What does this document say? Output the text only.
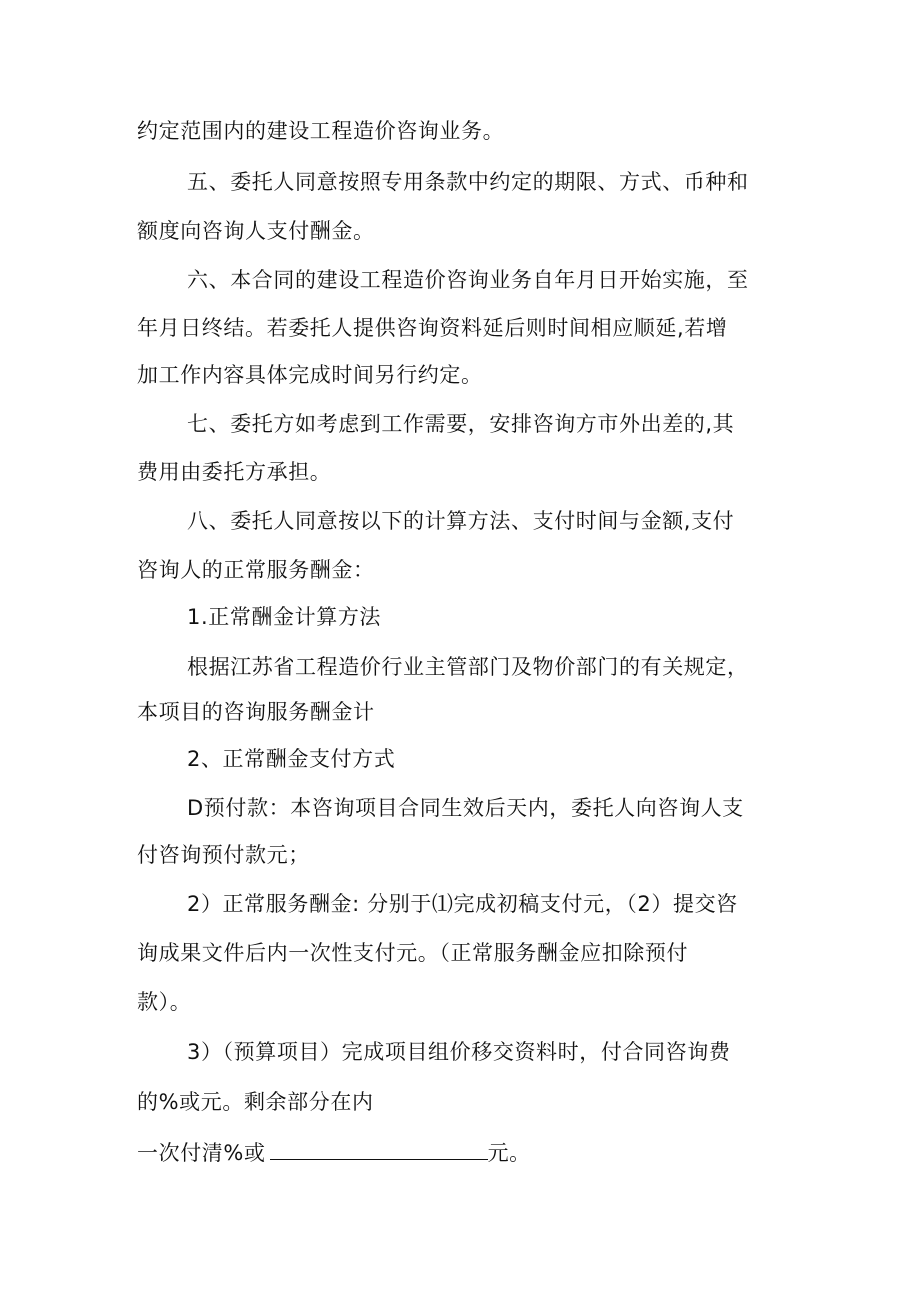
约定范围内的建设工程造价咨询业务。
五、委托人同意按照专用条款中约定的期限、方式、币种和
额度向咨询人支付酬金。
六、本合同的建设工程造价咨询业务自年月日开始实施，至
年月日终结。若委托人提供咨询资料延后则时间相应顺延,若增
加工作内容具体完成时间另行约定。
七、委托方如考虑到工作需要，安排咨询方市外出差的,其
费用由委托方承担。
八、委托人同意按以下的计算方法、支付时间与金额,支付
咨询人的正常服务酬金：
1.正常酬金计算方法
根据江苏省工程造价行业主管部门及物价部门的有关规定，
本项目的咨询服务酬金计
2、正常酬金支付方式
D预付款：本咨询项目合同生效后天内，委托人向咨询人支
付咨询预付款元；
2）正常服务酬金: 分别于⑴完成初稿支付元，（2）提交咨
询成果文件后内一次性支付元。（正常服务酬金应扣除预付
款）。
3）（预算项目）完成项目组价移交资料时，付合同咨询费
的%或元。剩余部分在内
一次付清%或	元。
